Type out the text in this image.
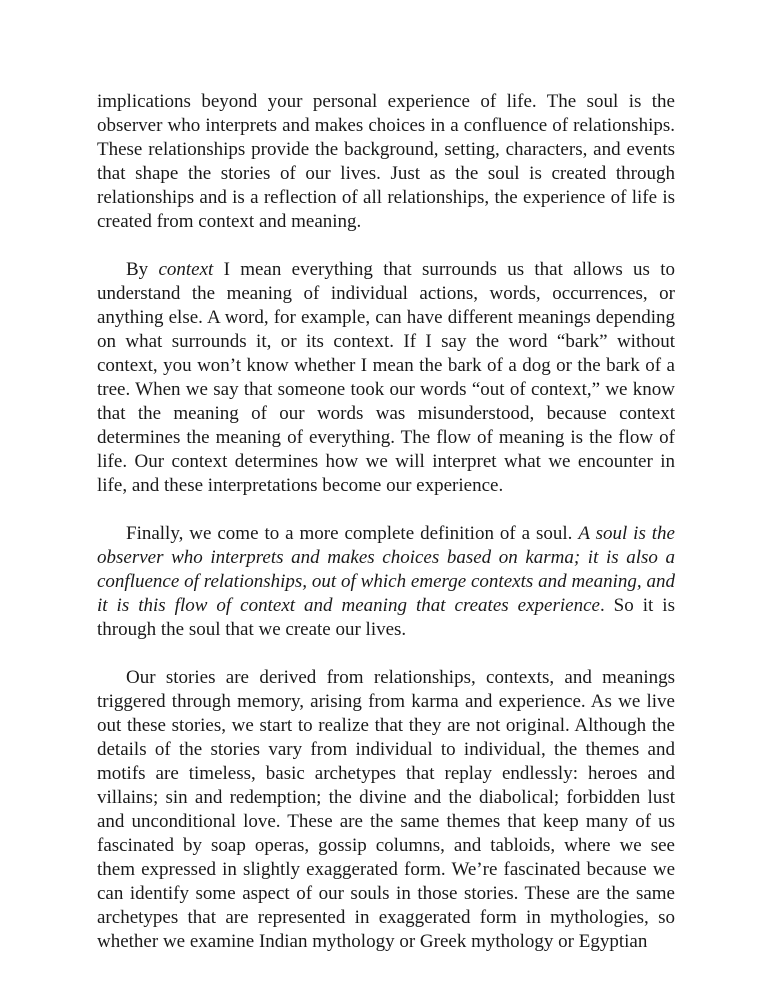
implications beyond your personal experience of life. The soul is the observer who interprets and makes choices in a confluence of relationships. These relationships provide the background, setting, characters, and events that shape the stories of our lives. Just as the soul is created through relationships and is a reflection of all relationships, the experience of life is created from context and meaning.

By context I mean everything that surrounds us that allows us to understand the meaning of individual actions, words, occurrences, or anything else. A word, for example, can have different meanings depending on what surrounds it, or its context. If I say the word “bark” without context, you won’t know whether I mean the bark of a dog or the bark of a tree. When we say that someone took our words “out of context,” we know that the meaning of our words was misunderstood, because context determines the meaning of everything. The flow of meaning is the flow of life. Our context determines how we will interpret what we encounter in life, and these interpretations become our experience.

Finally, we come to a more complete definition of a soul. A soul is the observer who interprets and makes choices based on karma; it is also a confluence of relationships, out of which emerge contexts and meaning, and it is this flow of context and meaning that creates experience. So it is through the soul that we create our lives.

Our stories are derived from relationships, contexts, and meanings triggered through memory, arising from karma and experience. As we live out these stories, we start to realize that they are not original. Although the details of the stories vary from individual to individual, the themes and motifs are timeless, basic archetypes that replay endlessly: heroes and villains; sin and redemption; the divine and the diabolical; forbidden lust and unconditional love. These are the same themes that keep many of us fascinated by soap operas, gossip columns, and tabloids, where we see them expressed in slightly exaggerated form. We’re fascinated because we can identify some aspect of our souls in those stories. These are the same archetypes that are represented in exaggerated form in mythologies, so whether we examine Indian mythology or Greek mythology or Egyptian
